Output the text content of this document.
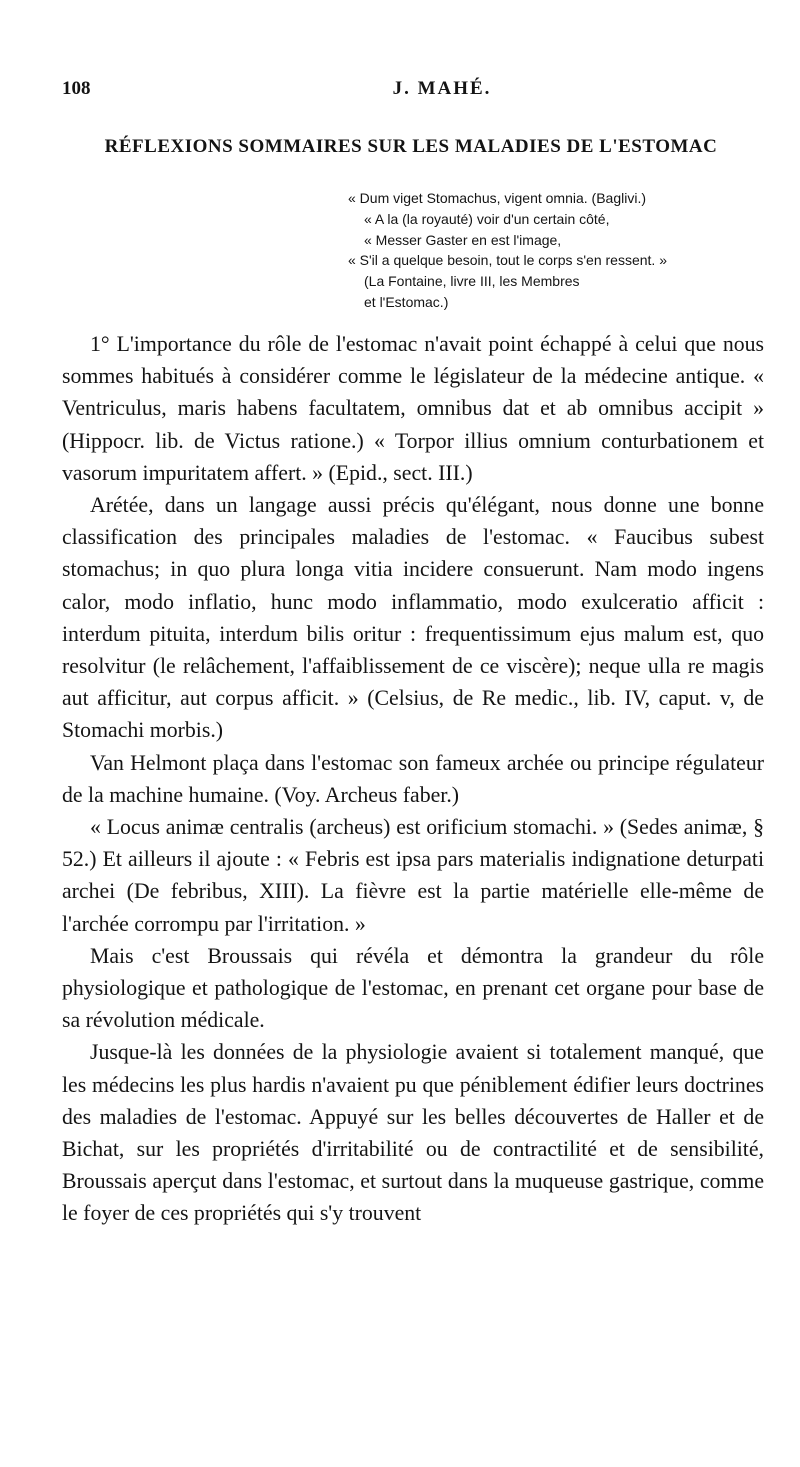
108	J. MAHÉ.
RÉFLEXIONS SOMMAIRES SUR LES MALADIES DE L'ESTOMAC
« Dum viget Stomachus, vigent omnia. (Baglivi.)
« A la (la royauté) voir d'un certain côté,
« Messer Gaster en est l'image,
« S'il a quelque besoin, tout le corps s'en ressent. »
(La Fontaine, livre III, les Membres
et l'Estomac.)

1° L'importance du rôle de l'estomac n'avait point échappé à celui que nous sommes habitués à considérer comme le législateur de la médecine antique. « Ventriculus, maris habens facultatem, omnibus dat et ab omnibus accipit » (Hippocr. lib. de Victus ratione.) « Torpor illius omnium conturbationem et vasorum impuritatem affert. » (Epid., sect. III.)

Arétée, dans un langage aussi précis qu'élégant, nous donne une bonne classification des principales maladies de l'estomac. « Faucibus subest stomachus; in quo plura longa vitia incidere consuerunt. Nam modo ingens calor, modo inflatio, hunc modo inflammatio, modo exulceratio afficit : interdum pituita, interdum bilis oritur : frequentissimum ejus malum est, quo resolvitur (le relâchement, l'affaiblissement de ce viscère); neque ulla re magis aut afficitur, aut corpus afficit. » (Celsius, de Re medic., lib. IV, caput. v, de Stomachi morbis.)

Van Helmont plaça dans l'estomac son fameux archée ou principe régulateur de la machine humaine. (Voy. Archeus faber.)

« Locus animæ centralis (archeus) est orificium stomachi. » (Sedes animæ, § 52.) Et ailleurs il ajoute : « Febris est ipsa pars materialis indignatione deturpati archei (De febribus, XIII). La fièvre est la partie matérielle elle-même de l'archée corrompu par l'irritation. »

Mais c'est Broussais qui révéla et démontra la grandeur du rôle physiologique et pathologique de l'estomac, en prenant cet organe pour base de sa révolution médicale.

Jusque-là les données de la physiologie avaient si totalement manqué, que les médecins les plus hardis n'avaient pu que péniblement édifier leurs doctrines des maladies de l'estomac. Appuyé sur les belles découvertes de Haller et de Bichat, sur les propriétés d'irritabilité ou de contractilité et de sensibilité, Broussais aperçut dans l'estomac, et surtout dans la muqueuse gastrique, comme le foyer de ces propriétés qui s'y trouvent
